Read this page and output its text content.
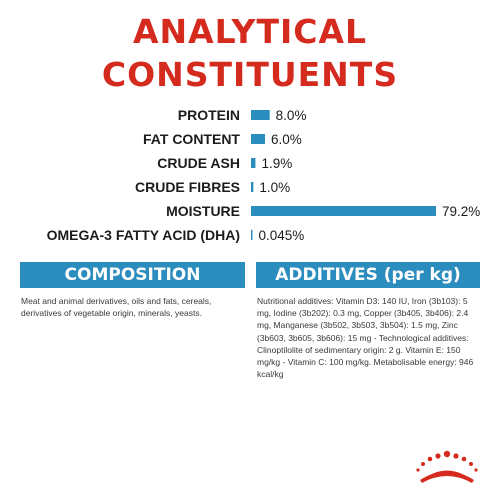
ANALYTICAL
CONSTITUENTS
PROTEIN	8.0%
FAT CONTENT 6.0%
CRUDE ASH 1.9%
CRUDE FIBRES 1.0%
MOISTURE	79.2%
OMEGA-3 FATTY ACID (DHA) 0.045%
COMPOSITION

Meat and animal derivatives, oils and fats, cereals, derivatives of vegetable origin, minerals, yeasts.

ADDITIVES (per kg)

Nutritional additives: Vitamin D3: 140 IU, Iron (3b103): 5 mg, Iodine (3b202): 0.3 mg, Copper (3b405, 3b406): 2.4 mg, Manganese (3b502, 3b503, 3b504): 1.5 mg, Zinc (3b603, 3b605, 3b606): 15 mg - Technological additives: Clinoptilolite of sedimentary origin: 2 g. Vitamin E: 150 mg/kg - Vitamin C: 100 mg/kg. Metabolisable energy: 946 kcal/kg
